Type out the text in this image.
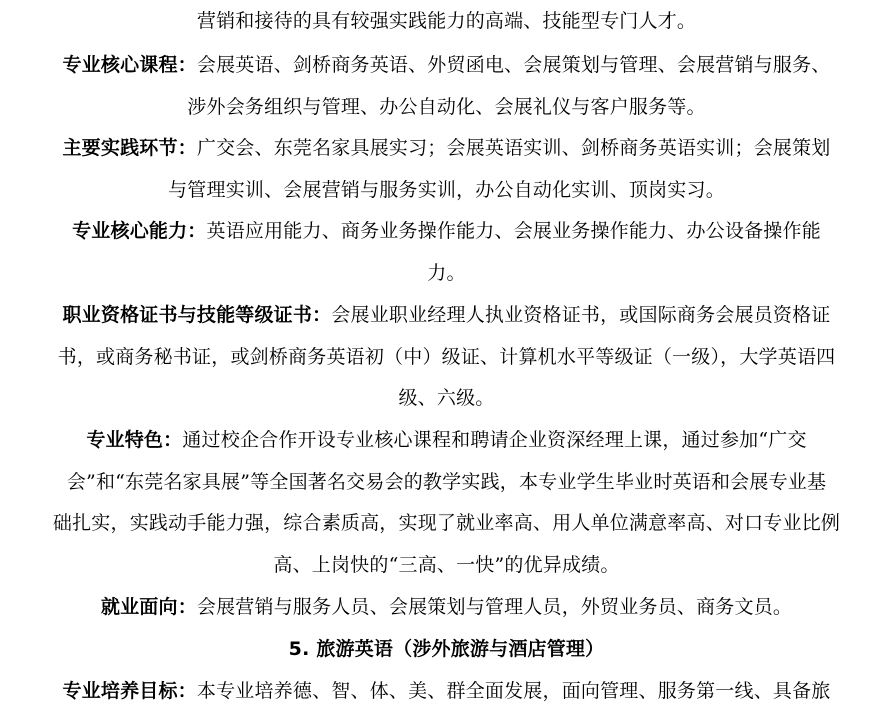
营销和接待的具有较强实践能力的高端、技能型专门人才。
专业核心课程：会展英语、剑桥商务英语、外贸函电、会展策划与管理、会展营销与服务、
涉外会务组织与管理、办公自动化、会展礼仪与客户服务等。
主要实践环节：广交会、东莞名家具展实习；会展英语实训、剑桥商务英语实训；会展策划
与管理实训、会展营销与服务实训，办公自动化实训、顶岗实习。
专业核心能力：英语应用能力、商务业务操作能力、会展业务操作能力、办公设备操作能
力。
职业资格证书与技能等级证书：会展业职业经理人执业资格证书，或国际商务会展员资格证
书，或商务秘书证，或剑桥商务英语初（中）级证、计算机水平等级证（一级），大学英语四
级、六级。
专业特色：通过校企合作开设专业核心课程和聘请企业资深经理上课，通过参加“广交
会”和“东莞名家具展”等全国著名交易会的教学实践，本专业学生毕业时英语和会展专业基
础扎实，实践动手能力强，综合素质高，实现了就业率高、用人单位满意率高、对口专业比例
高、上岗快的“三高、一快”的优异成绩。
就业面向：会展营销与服务人员、会展策划与管理人员，外贸业务员、商务文员。
5. 旅游英语（涉外旅游与酒店管理）
专业培养目标：本专业培养德、智、体、美、群全面发展，面向管理、服务第一线、具备旅
